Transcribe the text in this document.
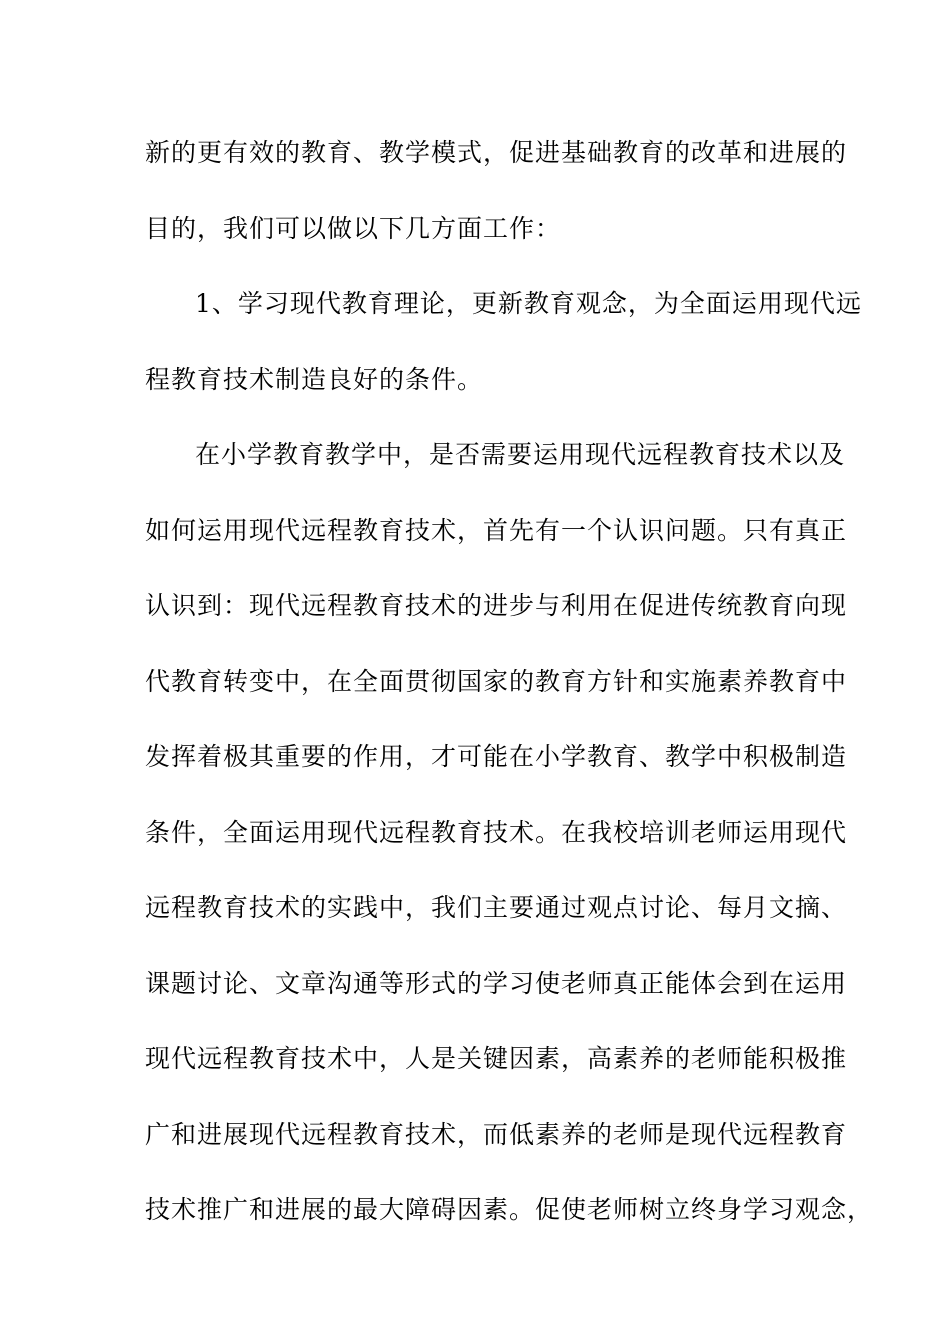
新的更有效的教育、教学模式，促进基础教育的改革和进展的
目的，我们可以做以下几方面工作：
1、学习现代教育理论，更新教育观念，为全面运用现代远
程教育技术制造良好的条件。
在小学教育教学中，是否需要运用现代远程教育技术以及
如何运用现代远程教育技术，首先有一个认识问题。只有真正
认识到：现代远程教育技术的进步与利用在促进传统教育向现
代教育转变中，在全面贯彻国家的教育方针和实施素养教育中
发挥着极其重要的作用，才可能在小学教育、教学中积极制造
条件，全面运用现代远程教育技术。在我校培训老师运用现代
远程教育技术的实践中，我们主要通过观点讨论、每月文摘、
课题讨论、文章沟通等形式的学习使老师真正能体会到在运用
现代远程教育技术中，人是关键因素，高素养的老师能积极推
广和进展现代远程教育技术，而低素养的老师是现代远程教育
技术推广和进展的最大障碍因素。促使老师树立终身学习观念，
